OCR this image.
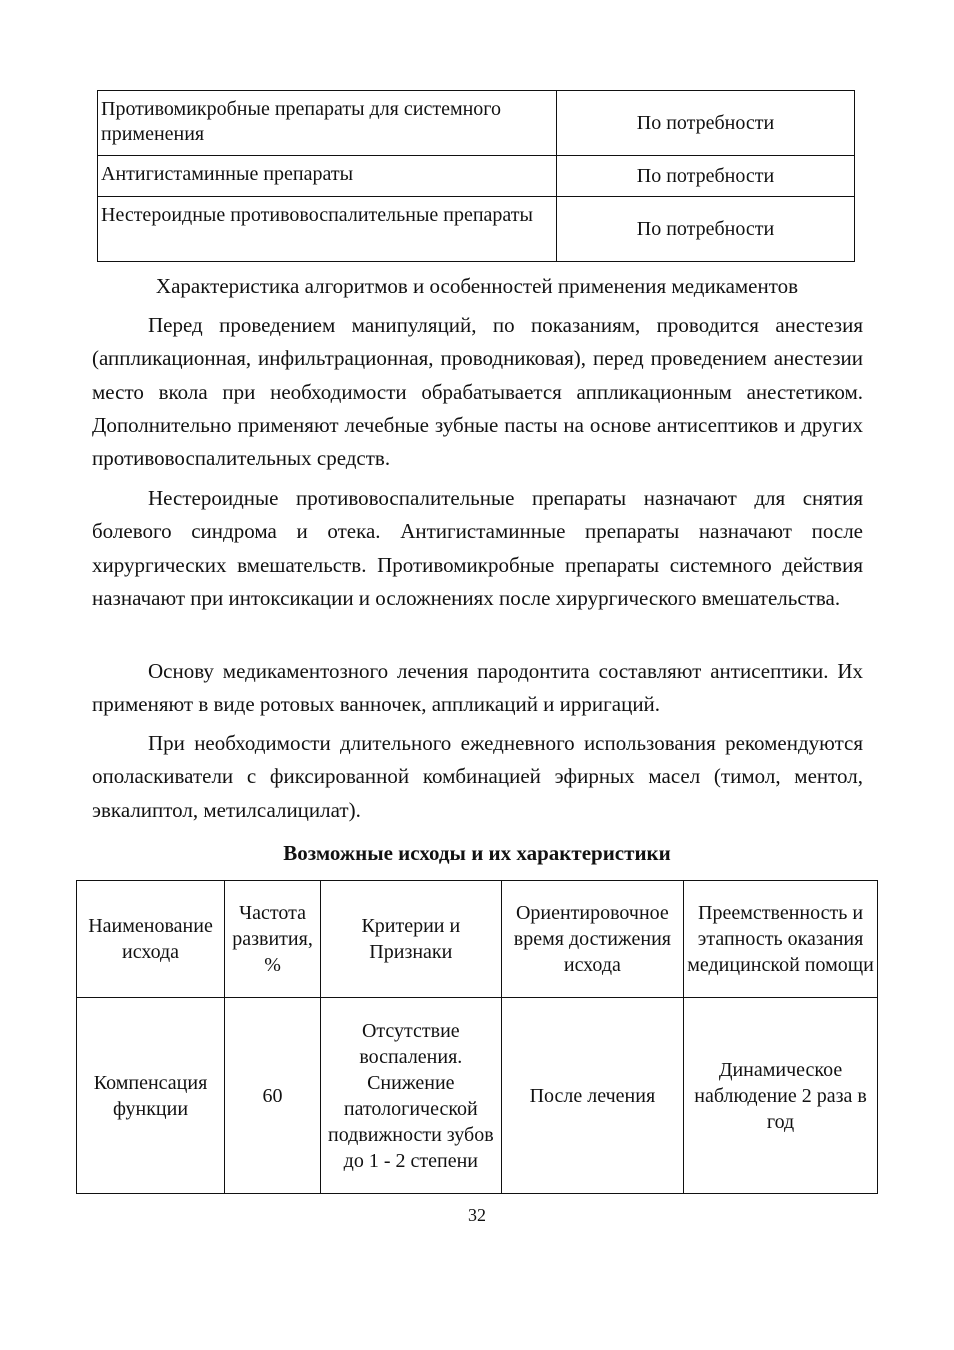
Противомикробные препараты для системного применения	По потребности
Антигистаминные препараты	По потребности
Нестероидные противовоспалительные препараты	По потребности
Характеристика алгоритмов и особенностей применения медикаментов

Перед проведением манипуляций, по показаниям, проводится анестезия (аппликационная, инфильтрационная, проводниковая), перед проведением анестезии место вкола при необходимости обрабатывается аппликационным анестетиком. Дополнительно применяют лечебные зубные пасты на основе антисептиков и других противовоспалительных средств.

Нестероидные противовоспалительные препараты назначают для снятия болевого синдрома и отека. Антигистаминные препараты назначают после хирургических вмешательств. Противомикробные препараты системного действия назначают при интоксикации и осложнениях после хирургического вмешательства.

Основу медикаментозного лечения пародонтита составляют антисептики. Их применяют в виде ротовых ванночек, аппликаций и ирригаций.

При необходимости длительного ежедневного использования рекомендуются ополаскиватели с фиксированной комбинацией эфирных масел (тимол, ментол, эвкалиптол, метилсалицилат).

Возможные исходы и их характеристики
Наименование исхода	Частота развития, %	Критерии и Признаки	Ориентировочное время достижения исхода	Преемственность и этапность оказания медицинской помощи
Компенсация функции	60	Отсутствие воспаления. Снижение патологической подвижности зубов до 1 - 2 степени	После лечения	Динамическое наблюдение 2 раза в год
32
